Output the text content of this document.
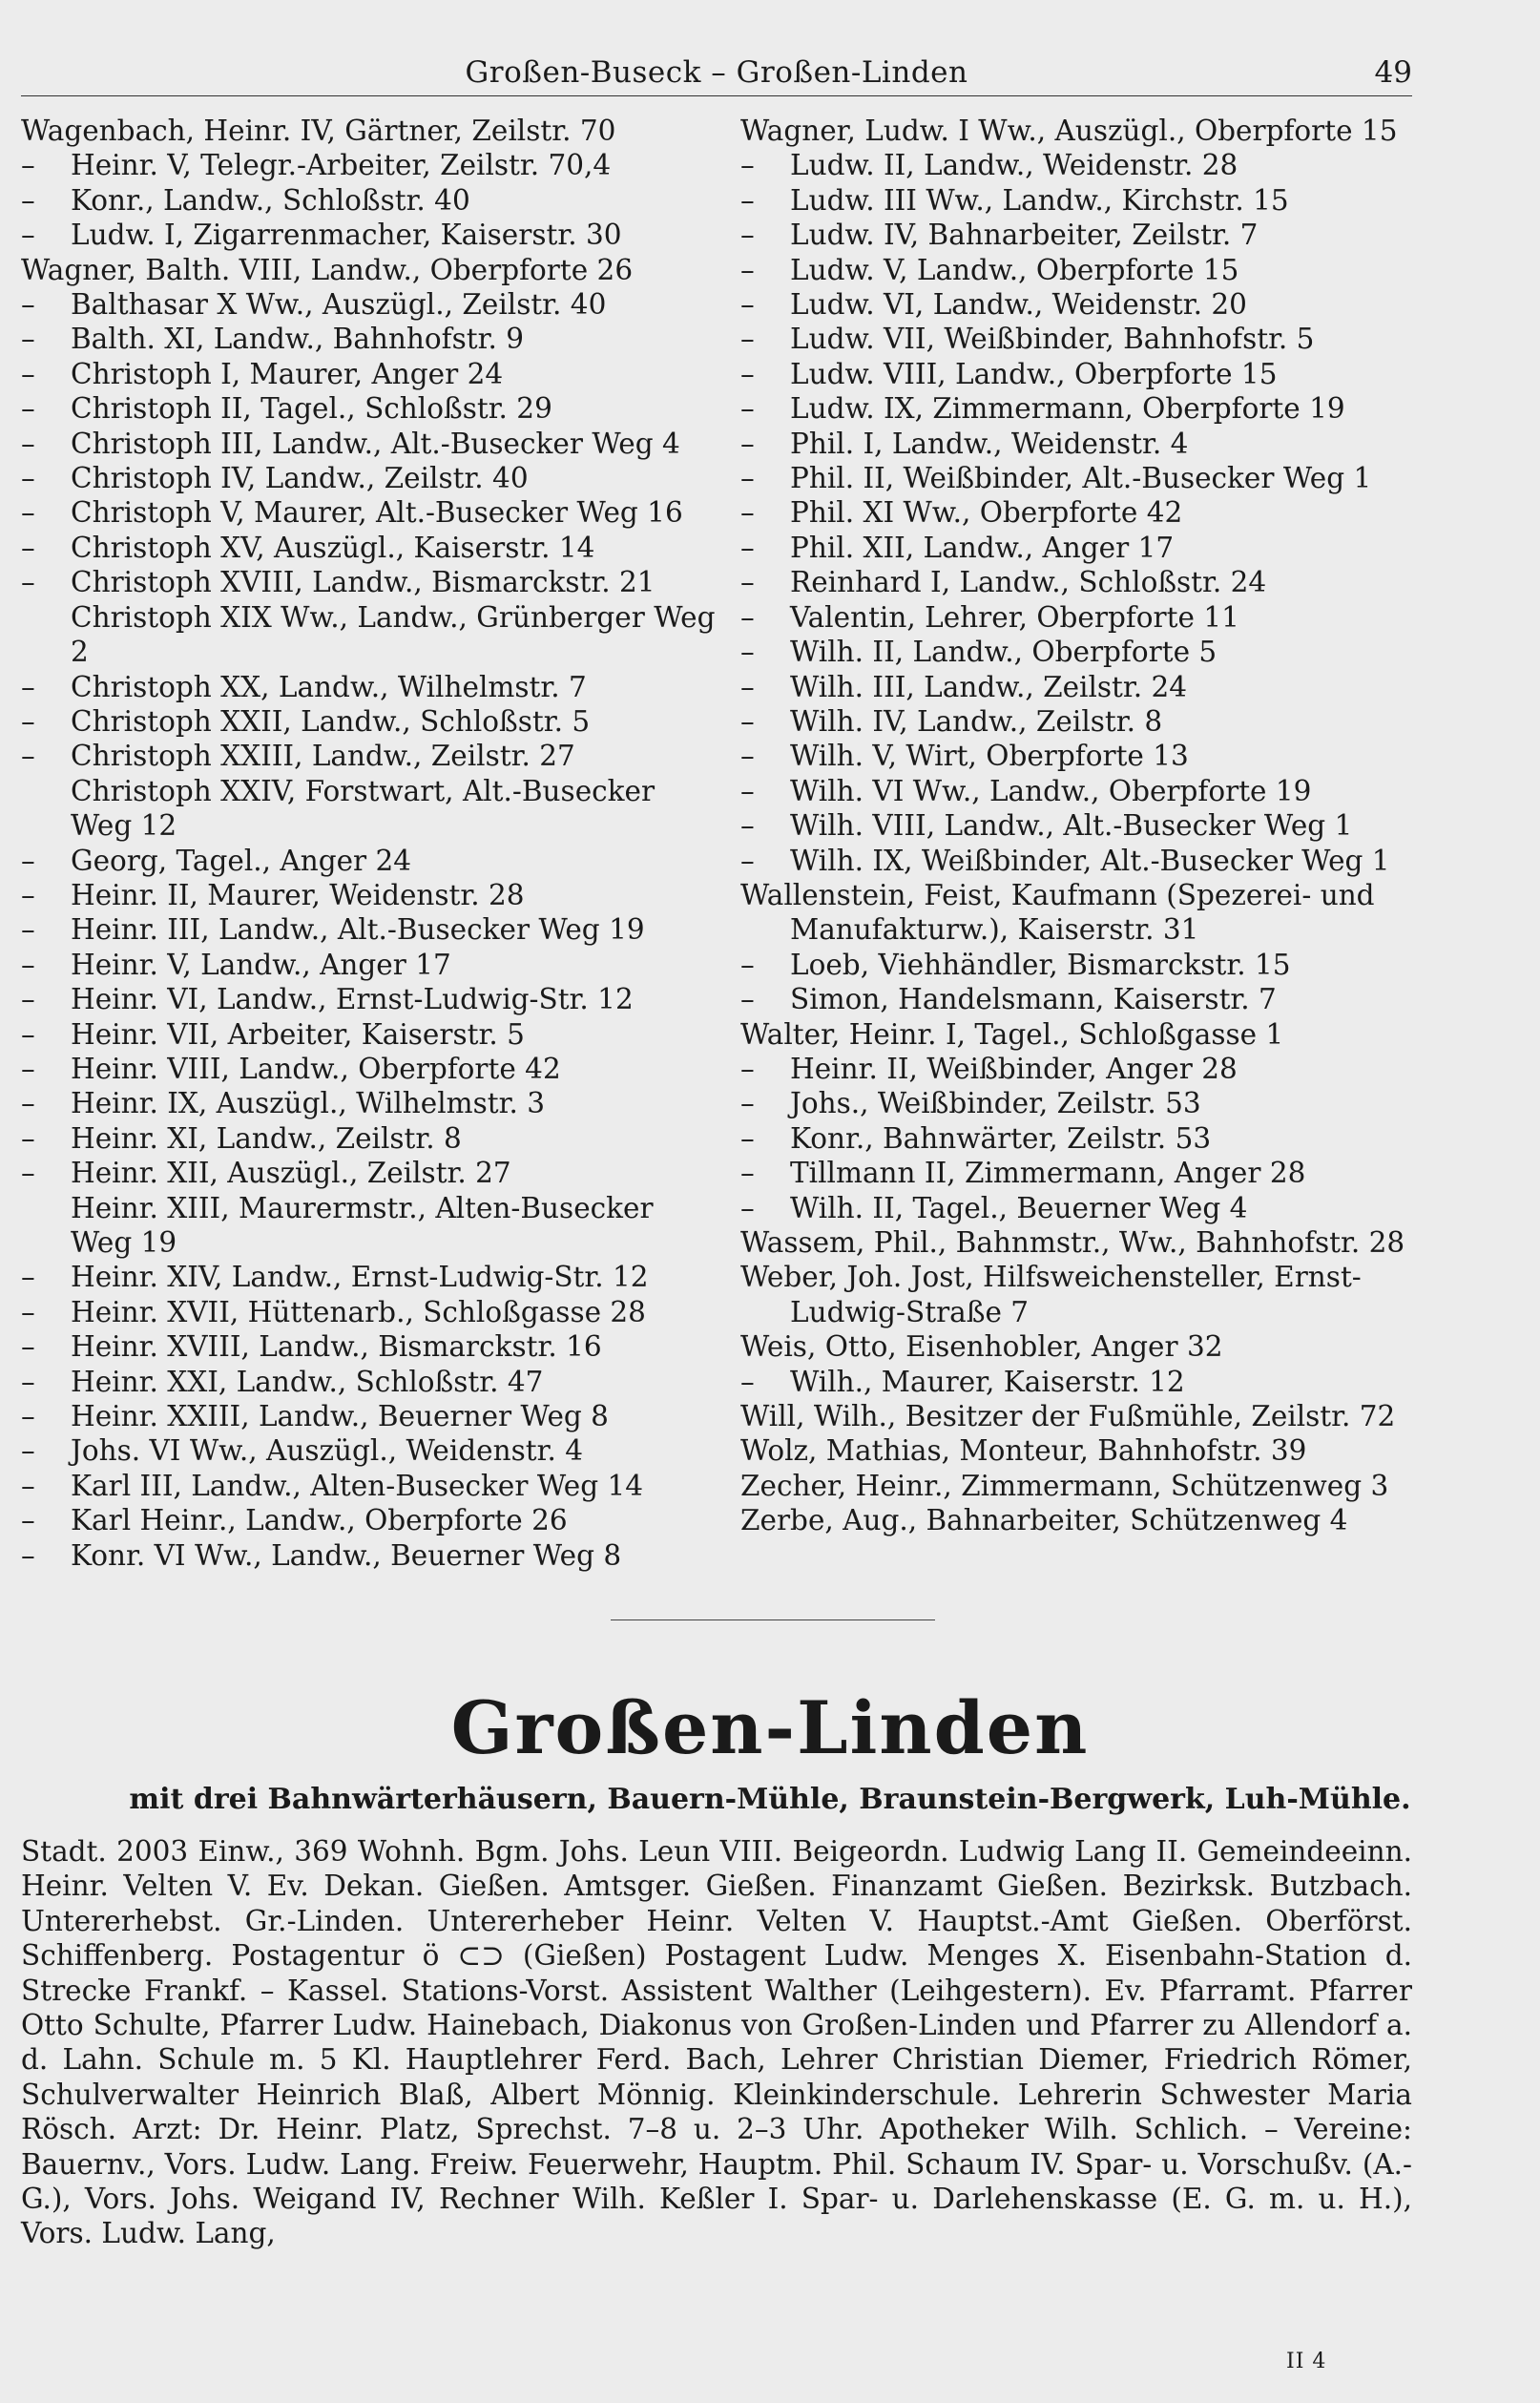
Großen-Buseck – Großen-Linden	49
Wagenbach, Heinr. IV, Gärtner, Zeilstr. 70
– Heinr. V, Telegr.-Arbeiter, Zeilstr. 70,4
– Konr., Landw., Schloßstr. 40
– Ludw. I, Zigarrenmacher, Kaiserstr. 30
Wagner, Balth. VIII, Landw., Oberpforte 26
– Balthasar X Ww., Auszügl., Zeilstr. 40
– Balth. XI, Landw., Bahnhofstr. 9
– Christoph I, Maurer, Anger 24
– Christoph II, Tagel., Schloßstr. 29
– Christoph III, Landw., Alt.-Busecker Weg 4
– Christoph IV, Landw., Zeilstr. 40
– Christoph V, Maurer, Alt.-Busecker Weg 16
– Christoph XV, Auszügl., Kaiserstr. 14
– Christoph XVIII, Landw., Bismarckstr. 21
Christoph XIX Ww., Landw., Grünberger Weg 2
– Christoph XX, Landw., Wilhelmstr. 7
– Christoph XXII, Landw., Schloßstr. 5
– Christoph XXIII, Landw., Zeilstr. 27
Christoph XXIV, Forstwart, Alt.-Busecker Weg 12
– Georg, Tagel., Anger 24
– Heinr. II, Maurer, Weidenstr. 28
– Heinr. III, Landw., Alt.-Busecker Weg 19
– Heinr. V, Landw., Anger 17
– Heinr. VI, Landw., Ernst-Ludwig-Str. 12
– Heinr. VII, Arbeiter, Kaiserstr. 5
– Heinr. VIII, Landw., Oberpforte 42
– Heinr. IX, Auszügl., Wilhelmstr. 3
– Heinr. XI, Landw., Zeilstr. 8
– Heinr. XII, Auszügl., Zeilstr. 27
Heinr. XIII, Maurermstr., Alten-Busecker Weg 19
– Heinr. XIV, Landw., Ernst-Ludwig-Str. 12
– Heinr. XVII, Hüttenarb., Schloßgasse 28
– Heinr. XVIII, Landw., Bismarckstr. 16
– Heinr. XXI, Landw., Schloßstr. 47
– Heinr. XXIII, Landw., Beuerner Weg 8
– Johs. VI Ww., Auszügl., Weidenstr. 4
– Karl III, Landw., Alten-Busecker Weg 14
– Karl Heinr., Landw., Oberpforte 26
– Konr. VI Ww., Landw., Beuerner Weg 8
Wagner, Ludw. I Ww., Auszügl., Oberpforte 15
– Ludw. II, Landw., Weidenstr. 28
– Ludw. III Ww., Landw., Kirchstr. 15
– Ludw. IV, Bahnarbeiter, Zeilstr. 7
– Ludw. V, Landw., Oberpforte 15
– Ludw. VI, Landw., Weidenstr. 20
– Ludw. VII, Weißbinder, Bahnhofstr. 5
– Ludw. VIII, Landw., Oberpforte 15
– Ludw. IX, Zimmermann, Oberpforte 19
– Phil. I, Landw., Weidenstr. 4
– Phil. II, Weißbinder, Alt.-Busecker Weg 1
– Phil. XI Ww., Oberpforte 42
– Phil. XII, Landw., Anger 17
– Reinhard I, Landw., Schloßstr. 24
– Valentin, Lehrer, Oberpforte 11
– Wilh. II, Landw., Oberpforte 5
– Wilh. III, Landw., Zeilstr. 24
– Wilh. IV, Landw., Zeilstr. 8
– Wilh. V, Wirt, Oberpforte 13
– Wilh. VI Ww., Landw., Oberpforte 19
– Wilh. VIII, Landw., Alt.-Busecker Weg 1
– Wilh. IX, Weißbinder, Alt.-Busecker Weg 1
Wallenstein, Feist, Kaufmann (Spezerei- und Manufakturw.), Kaiserstr. 31
– Loeb, Viehhändler, Bismarckstr. 15
– Simon, Handelsmann, Kaiserstr. 7
Walter, Heinr. I, Tagel., Schloßgasse 1
– Heinr. II, Weißbinder, Anger 28
– Johs., Weißbinder, Zeilstr. 53
– Konr., Bahnwärter, Zeilstr. 53
– Tillmann II, Zimmermann, Anger 28
– Wilh. II, Tagel., Beuerner Weg 4
Wassem, Phil., Bahnmstr., Ww., Bahnhofstr. 28
Weber, Joh. Jost, Hilfsweichensteller, Ernst-Ludwig-Straße 7
Weis, Otto, Eisenhobler, Anger 32
– Wilh., Maurer, Kaiserstr. 12
Will, Wilh., Besitzer der Fußmühle, Zeilstr. 72
Wolz, Mathias, Monteur, Bahnhofstr. 39
Zecher, Heinr., Zimmermann, Schützenweg 3
Zerbe, Aug., Bahnarbeiter, Schützenweg 4
Großen-Linden
mit drei Bahnwärterhäusern, Bauern-Mühle, Braunstein-Bergwerk, Luh-Mühle.
Stadt. 2003 Einw., 369 Wohnh. Bgm. Johs. Leun VIII. Beigeordn. Ludwig Lang II. Gemeindeeinn. Heinr. Velten V. Ev. Dekan. Gießen. Amtsger. Gießen. Finanzamt Gießen. Bezirksk. Butzbach. Untererhebst. Gr.-Linden. Untererheber Heinr. Velten V. Hauptst.-Amt Gießen. Oberförst. Schiffenberg. Postagentur ö ⊂⊃ (Gießen) Postagent Ludw. Menges X. Eisenbahn-Station d. Strecke Frankf. – Kassel. Stations-Vorst. Assistent Walther (Leihgestern). Ev. Pfarramt. Pfarrer Otto Schulte, Pfarrer Ludw. Hainebach, Diakonus von Großen-Linden und Pfarrer zu Allendorf a. d. Lahn. Schule m. 5 Kl. Hauptlehrer Ferd. Bach, Lehrer Christian Diemer, Friedrich Römer, Schulverwalter Heinrich Blaß, Albert Mönnig. Kleinkinderschule. Lehrerin Schwester Maria Rösch. Arzt: Dr. Heinr. Platz, Sprechst. 7–8 u. 2–3 Uhr. Apotheker Wilh. Schlich. – Vereine: Bauernv., Vors. Ludw. Lang. Freiw. Feuerwehr, Hauptm. Phil. Schaum IV. Spar- u. Vorschußv. (A.-G.), Vors. Johs. Weigand IV, Rechner Wilh. Keßler I. Spar- u. Darlehenskasse (E. G. m. u. H.), Vors. Ludw. Lang,
II 4
